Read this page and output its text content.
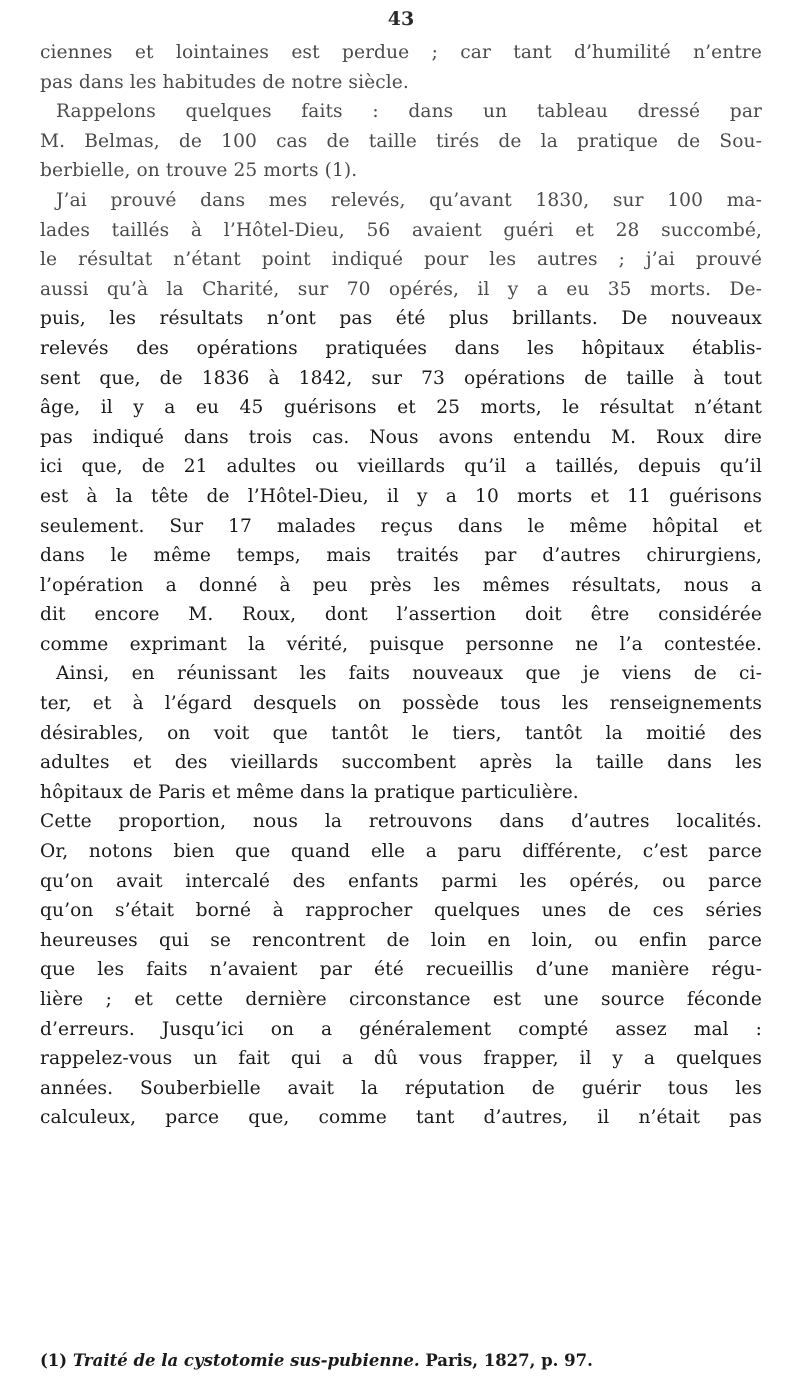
43
ciennes et lointaines est perdue ; car tant d’humilité n’entre
pas dans les habitudes de notre siècle.
Rappelons quelques faits : dans un tableau dressé par
M. Belmas, de 100 cas de taille tirés de la pratique de Sou-
berbielle, on trouve 25 morts (1).
J’ai prouvé dans mes relevés, qu’avant 1830, sur 100 ma-
lades taillés à l’Hôtel-Dieu, 56 avaient guéri et 28 succombé,
le résultat n’étant point indiqué pour les autres ; j’ai prouvé
aussi qu’à la Charité, sur 70 opérés, il y a eu 35 morts. De-
puis, les résultats n’ont pas été plus brillants. De nouveaux
relevés des opérations pratiquées dans les hôpitaux établis-
sent que, de 1836 à 1842, sur 73 opérations de taille à tout
âge, il y a eu 45 guérisons et 25 morts, le résultat n’étant
pas indiqué dans trois cas. Nous avons entendu M. Roux dire
ici que, de 21 adultes ou vieillards qu’il a taillés, depuis qu’il
est à la tête de l’Hôtel-Dieu, il y a 10 morts et 11 guérisons
seulement. Sur 17 malades reçus dans le même hôpital et
dans le même temps, mais traités par d’autres chirurgiens,
l’opération a donné à peu près les mêmes résultats, nous a
dit encore M. Roux, dont l’assertion doit être considérée
comme exprimant la vérité, puisque personne ne l’a contestée.
Ainsi, en réunissant les faits nouveaux que je viens de ci-
ter, et à l’égard desquels on possède tous les renseignements
désirables, on voit que tantôt le tiers, tantôt la moitié des
adultes et des vieillards succombent après la taille dans les
hôpitaux de Paris et même dans la pratique particulière.
Cette proportion, nous la retrouvons dans d’autres localités.
Or, notons bien que quand elle a paru différente, c’est parce
qu’on avait intercalé des enfants parmi les opérés, ou parce
qu’on s’était borné à rapprocher quelques unes de ces séries
heureuses qui se rencontrent de loin en loin, ou enfin parce
que les faits n’avaient par été recueillis d’une manière régu-
lière ; et cette dernière circonstance est une source féconde
d’erreurs. Jusqu’ici on a généralement compté assez mal :
rappelez-vous un fait qui a dû vous frapper, il y a quelques
années. Souberbielle avait la réputation de guérir tous les
calculeux, parce que, comme tant d’autres, il n’était pas
(1) Traité de la cystotomie sus-pubienne. Paris, 1827, p. 97.
